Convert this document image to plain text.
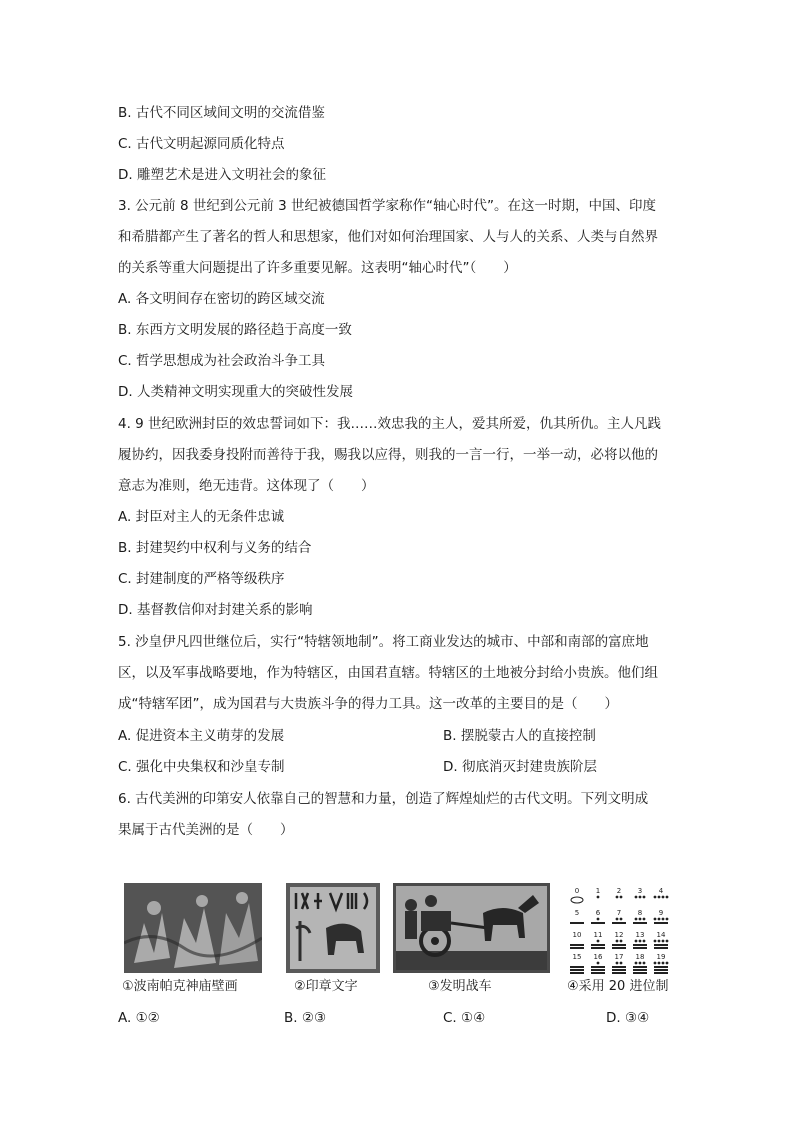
B. 古代不同区域间文明的交流借鉴
C. 古代文明起源同质化特点
D. 雕塑艺术是进入文明社会的象征
3. 公元前 8 世纪到公元前 3 世纪被德国哲学家称作“轴心时代”。在这一时期，中国、印度
和希腊都产生了著名的哲人和思想家，他们对如何治理国家、人与人的关系、人类与自然界
的关系等重大问题提出了许多重要见解。这表明“轴心时代”（　　）
A. 各文明间存在密切的跨区域交流
B. 东西方文明发展的路径趋于高度一致
C. 哲学思想成为社会政治斗争工具
D. 人类精神文明实现重大的突破性发展
4. 9 世纪欧洲封臣的效忠誓词如下：我……效忠我的主人，爱其所爱，仇其所仇。主人凡践
履协约，因我委身投附而善待于我，赐我以应得，则我的一言一行，一举一动，必将以他的
意志为准则，绝无违背。这体现了（　　）
A. 封臣对主人的无条件忠诚
B. 封建契约中权利与义务的结合
C. 封建制度的严格等级秩序
D. 基督教信仰对封建关系的影响
5. 沙皇伊凡四世继位后，实行“特辖领地制”。将工商业发达的城市、中部和南部的富庶地
区，以及军事战略要地，作为特辖区，由国君直辖。特辖区的土地被分封给小贵族。他们组
成“特辖军团”，成为国君与大贵族斗争的得力工具。这一改革的主要目的是（　　）
A. 促进资本主义萌芽的发展	B. 摆脱蒙古人的直接控制
C. 强化中央集权和沙皇专制	D. 彻底消灭封建贵族阶层
6. 古代美洲的印第安人依靠自己的智慧和力量，创造了辉煌灿烂的古代文明。下列文明成
果属于古代美洲的是（　　）
①波南帕克神庙壁画	②印章文字	③发明战车
0 1 2 3 4
5 6 7 8 9
10 11 12 13 14
15 16 17 18 19
④采用 20 进位制
A. ①②	B. ②③	C. ①④	D. ③④
